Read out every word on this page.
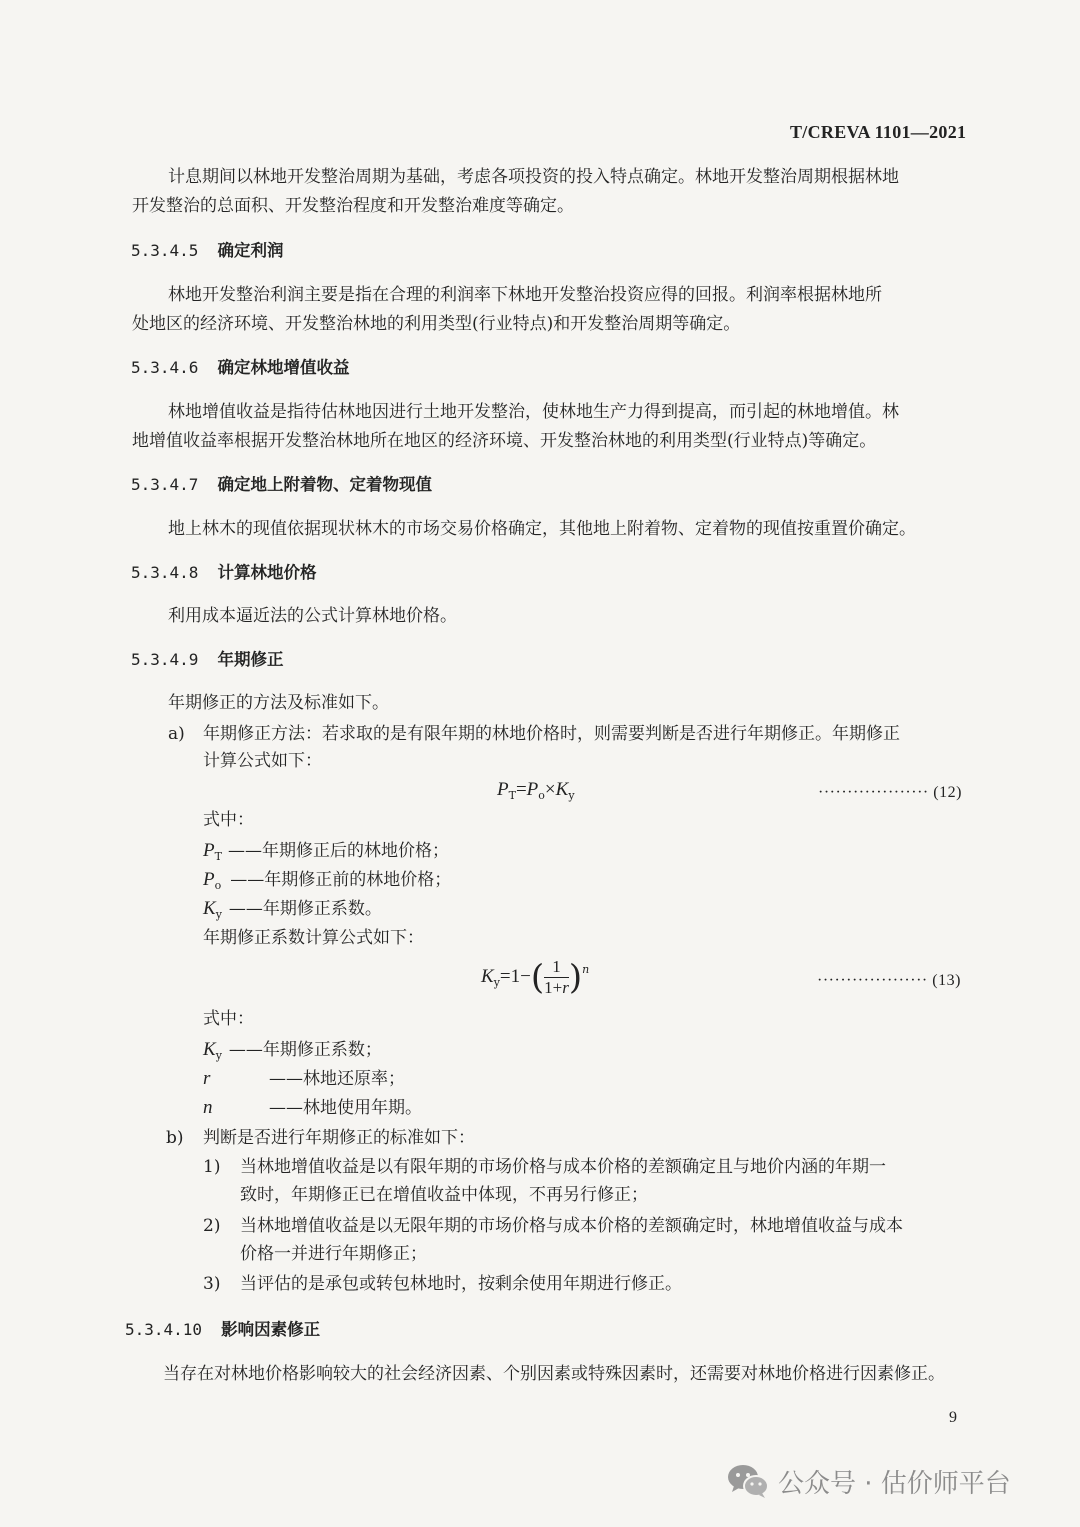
T/CREVA 1101—2021
计息期间以林地开发整治周期为基础，考虑各项投资的投入特点确定。林地开发整治周期根据林地
开发整治的总面积、开发整治程度和开发整治难度等确定。
5.3.4.5 确定利润
林地开发整治利润主要是指在合理的利润率下林地开发整治投资应得的回报。利润率根据林地所
处地区的经济环境、开发整治林地的利用类型(行业特点)和开发整治周期等确定。
5.3.4.6 确定林地增值收益
林地增值收益是指待估林地因进行土地开发整治，使林地生产力得到提高，而引起的林地增值。林
地增值收益率根据开发整治林地所在地区的经济环境、开发整治林地的利用类型(行业特点)等确定。
5.3.4.7 确定地上附着物、定着物现值
地上林木的现值依据现状林木的市场交易价格确定，其他地上附着物、定着物的现值按重置价确定。
5.3.4.8 计算林地价格
利用成本逼近法的公式计算林地价格。
5.3.4.9 年期修正
年期修正的方法及标准如下。
a) 年期修正方法：若求取的是有限年期的林地价格时，则需要判断是否进行年期修正。年期修正
计算公式如下：
$P_T=P_o\times K_y$	··················· (12)
式中：
$P_T$ ——年期修正后的林地价格；
$P_o$ ——年期修正前的林地价格；
$K_y$ ——年期修正系数。
年期修正系数计算公式如下：
$K_y=1-( \frac{1}{1+r} )^n$
··················· (13)
式中：
$K_y$ ——年期修正系数；
r	——林地还原率；
n	——林地使用年期。
b) 判断是否进行年期修正的标准如下：
1) 当林地增值收益是以有限年期的市场价格与成本价格的差额确定且与地价内涵的年期一
致时，年期修正已在增值收益中体现，不再另行修正；
2) 当林地增值收益是以无限年期的市场价格与成本价格的差额确定时，林地增值收益与成本
价格一并进行年期修正；
3) 当评估的是承包或转包林地时，按剩余使用年期进行修正。
5.3.4.10 影响因素修正
当存在对林地价格影响较大的社会经济因素、个别因素或特殊因素时，还需要对林地价格进行因素修正。
9
公众号 · 估价师平台
